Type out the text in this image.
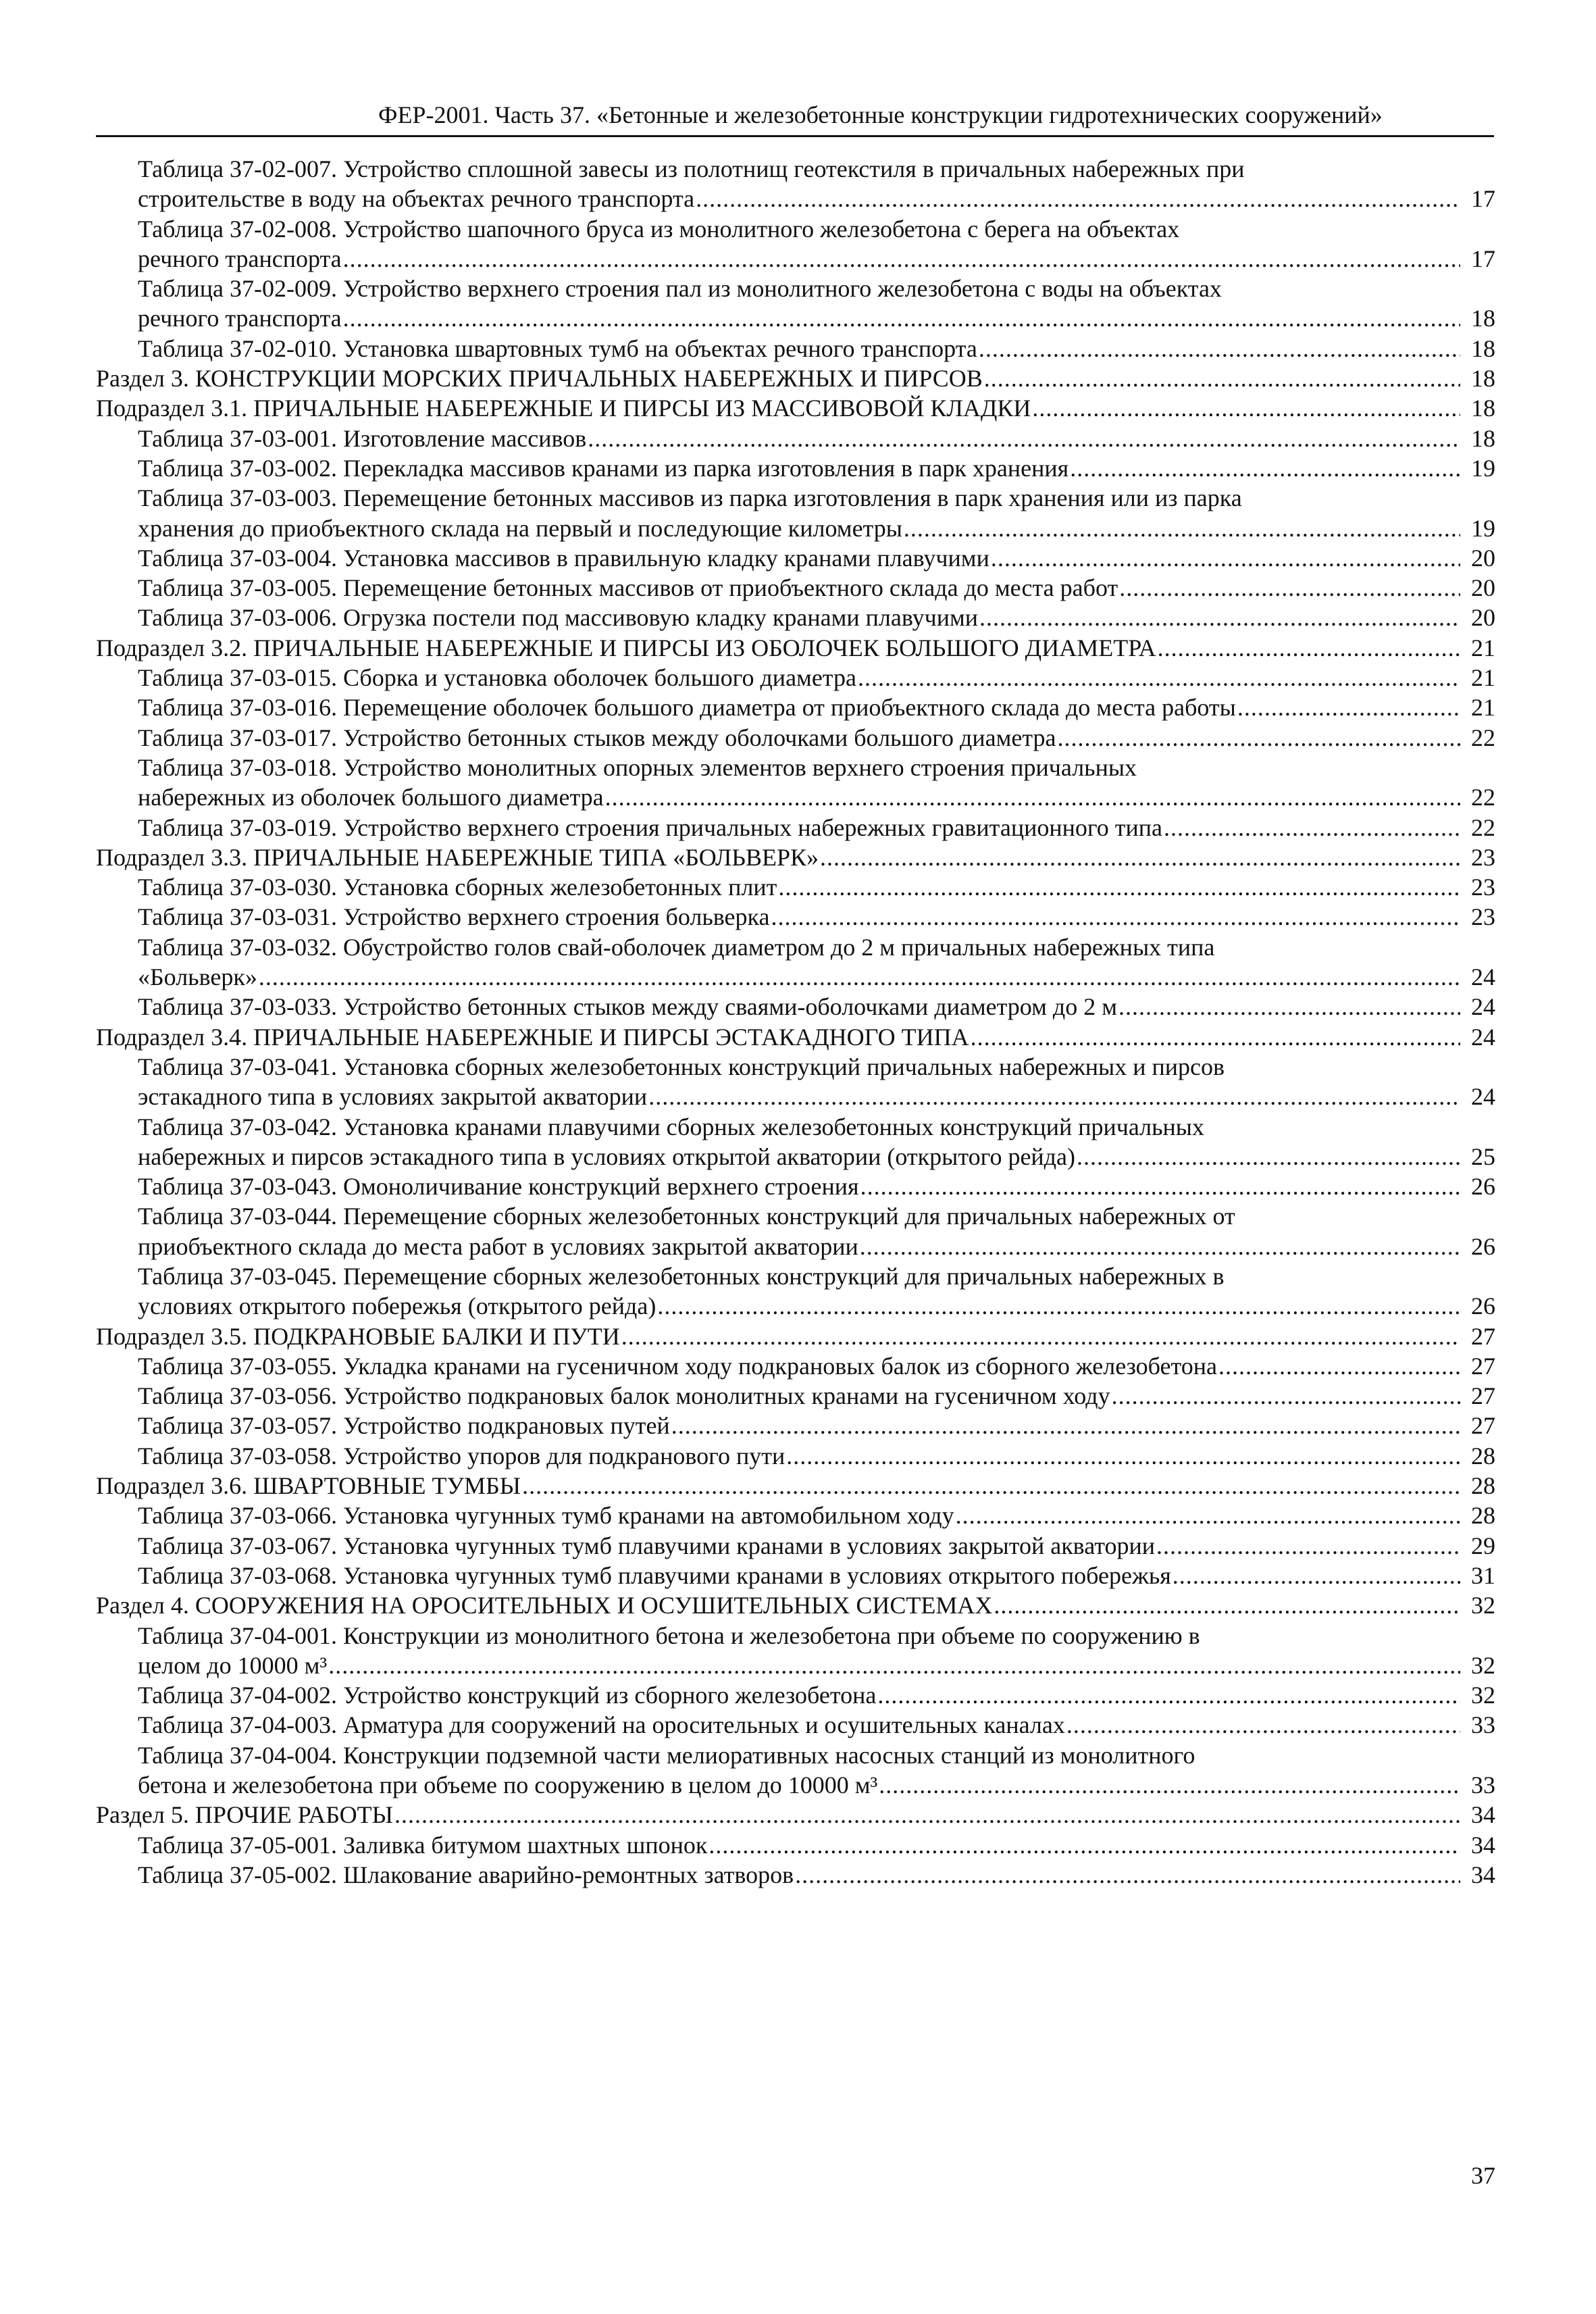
ФЕР-2001. Часть 37. «Бетонные и железобетонные конструкции гидротехнических сооружений»
Таблица 37-02-007. Устройство сплошной завесы из полотнищ геотекстиля в причальных набережных при
строительстве в воду на объектах речного транспорта .....	17
Таблица 37-02-008. Устройство шапочного бруса из монолитного железобетона с берега на объектах
речного транспорта .....	17
Таблица 37-02-009. Устройство верхнего строения пал из монолитного железобетона с воды на объектах
речного транспорта .....	18
Таблица 37-02-010. Установка швартовных тумб на объектах речного транспорта .....	18
Раздел 3. КОНСТРУКЦИИ МОРСКИХ ПРИЧАЛЬНЫХ НАБЕРЕЖНЫХ И ПИРСОВ .....	18
Подраздел 3.1. ПРИЧАЛЬНЫЕ НАБЕРЕЖНЫЕ И ПИРСЫ ИЗ МАССИВОВОЙ КЛАДКИ .....	18
Таблица 37-03-001. Изготовление массивов .....	18
Таблица 37-03-002. Перекладка массивов кранами из парка изготовления в парк хранения .....	19
Таблица 37-03-003. Перемещение бетонных массивов из парка изготовления в парк хранения или из парка
хранения до приобъектного склада на первый и последующие километры .....	19
Таблица 37-03-004. Установка массивов в правильную кладку кранами плавучими .....	20
Таблица 37-03-005. Перемещение бетонных массивов от приобъектного склада до места работ .....	20
Таблица 37-03-006. Огрузка постели под массивовую кладку кранами плавучими .....	20
Подраздел 3.2. ПРИЧАЛЬНЫЕ НАБЕРЕЖНЫЕ И ПИРСЫ ИЗ ОБОЛОЧЕК БОЛЬШОГО ДИАМЕТРА .....	21
Таблица 37-03-015. Сборка и установка оболочек большого диаметра .....	21
Таблица 37-03-016. Перемещение оболочек большого диаметра от приобъектного склада до места работы .....	21
Таблица 37-03-017. Устройство бетонных стыков между оболочками большого диаметра .....	22
Таблица 37-03-018. Устройство монолитных опорных элементов верхнего строения причальных
набережных из оболочек большого диаметра .....	22
Таблица 37-03-019. Устройство верхнего строения причальных набережных гравитационного типа .....	22
Подраздел 3.3. ПРИЧАЛЬНЫЕ НАБЕРЕЖНЫЕ ТИПА «БОЛЬВЕРК» .....	23
Таблица 37-03-030. Установка сборных железобетонных плит .....	23
Таблица 37-03-031. Устройство верхнего строения больверка .....	23
Таблица 37-03-032. Обустройство голов свай-оболочек диаметром до 2 м причальных набережных типа
«Больверк» .....	24
Таблица 37-03-033. Устройство бетонных стыков между сваями-оболочками диаметром до 2 м .....	24
Подраздел 3.4. ПРИЧАЛЬНЫЕ НАБЕРЕЖНЫЕ И ПИРСЫ ЭСТАКАДНОГО ТИПА .....	24
Таблица 37-03-041. Установка сборных железобетонных конструкций причальных набережных и пирсов
эстакадного типа в условиях закрытой акватории .....	24
Таблица 37-03-042. Установка кранами плавучими сборных железобетонных конструкций причальных
набережных и пирсов эстакадного типа в условиях открытой акватории (открытого рейда) .....	25
Таблица 37-03-043. Омоноличивание конструкций верхнего строения .....	26
Таблица 37-03-044. Перемещение сборных железобетонных конструкций для причальных набережных от
приобъектного склада до места работ в условиях закрытой акватории .....	26
Таблица 37-03-045. Перемещение сборных железобетонных конструкций для причальных набережных в
условиях открытого побережья (открытого рейда) .....	26
Подраздел 3.5. ПОДКРАНОВЫЕ БАЛКИ И ПУТИ .....	27
Таблица 37-03-055. Укладка кранами на гусеничном ходу подкрановых балок из сборного железобетона .....	27
Таблица 37-03-056. Устройство подкрановых балок монолитных кранами на гусеничном ходу .....	27
Таблица 37-03-057. Устройство подкрановых путей .....	27
Таблица 37-03-058. Устройство упоров для подкранового пути .....	28
Подраздел 3.6. ШВАРТОВНЫЕ ТУМБЫ .....	28
Таблица 37-03-066. Установка чугунных тумб кранами на автомобильном ходу .....	28
Таблица 37-03-067. Установка чугунных тумб плавучими кранами в условиях закрытой акватории .....	29
Таблица 37-03-068. Установка чугунных тумб плавучими кранами в условиях открытого побережья .....	31
Раздел 4. СООРУЖЕНИЯ НА ОРОСИТЕЛЬНЫХ И ОСУШИТЕЛЬНЫХ СИСТЕМАХ .....	32
Таблица 37-04-001. Конструкции из монолитного бетона и железобетона при объеме по сооружению в
целом до 10000 м³ .....	32
Таблица 37-04-002. Устройство конструкций из сборного железобетона .....	32
Таблица 37-04-003. Арматура для сооружений на оросительных и осушительных каналах .....	33
Таблица 37-04-004. Конструкции подземной части мелиоративных насосных станций из монолитного
бетона и железобетона при объеме по сооружению в целом до 10000 м³ .....	33
Раздел 5. ПРОЧИЕ РАБОТЫ .....	34
Таблица 37-05-001. Заливка битумом шахтных шпонок .....	34
Таблица 37-05-002. Шлакование аварийно-ремонтных затворов .....	34
37
